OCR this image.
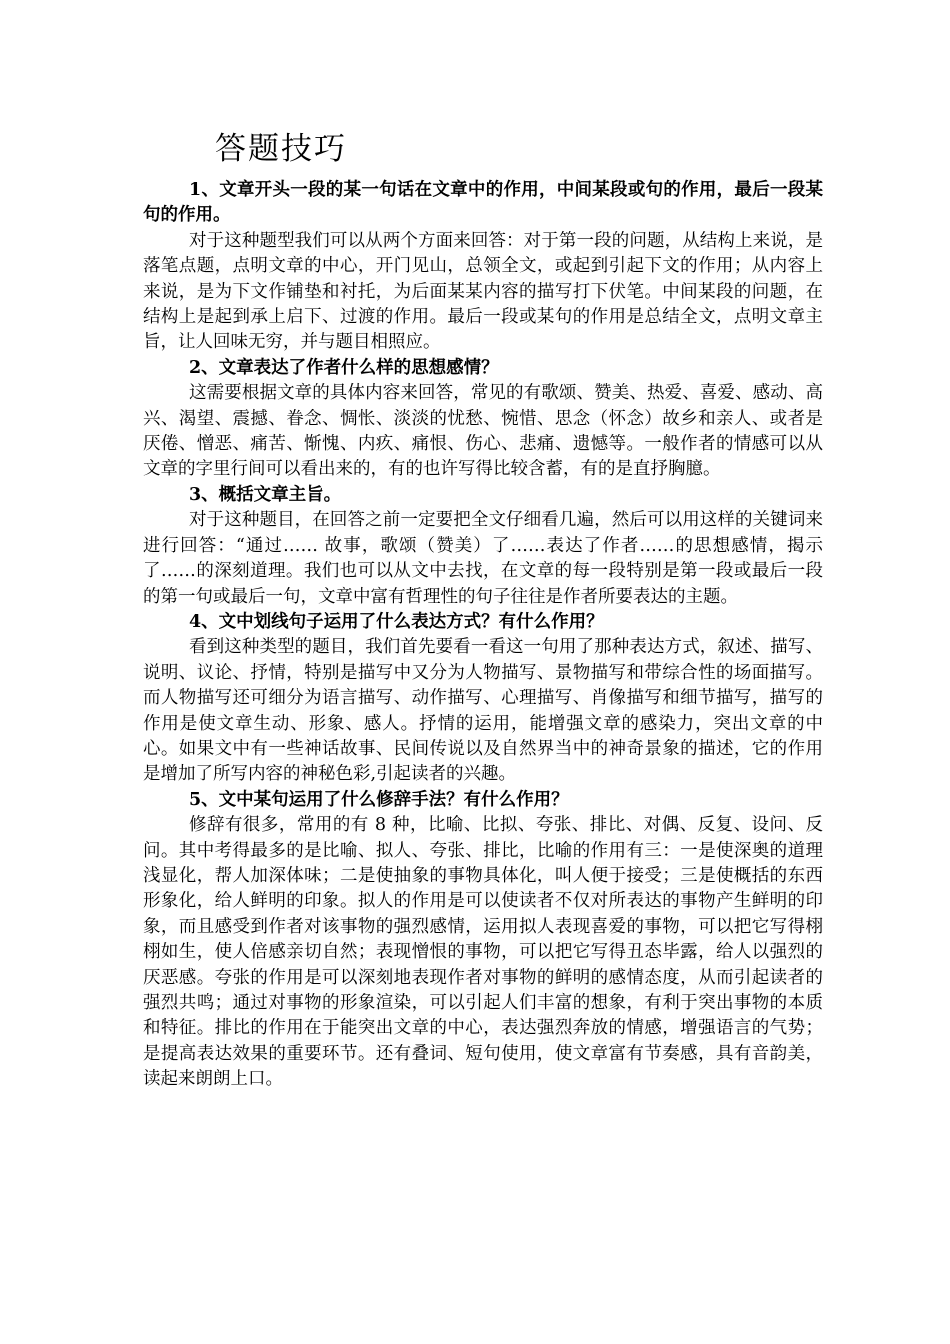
答题技巧

1、文章开头一段的某一句话在文章中的作用，中间某段或句的作用，最后一段某句的作用。

对于这种题型我们可以从两个方面来回答：对于第一段的问题，从结构上来说，是落笔点题，点明文章的中心，开门见山，总领全文，或起到引起下文的作用；从内容上来说，是为下文作铺垫和衬托，为后面某某内容的描写打下伏笔。中间某段的问题，在结构上是起到承上启下、过渡的作用。最后一段或某句的作用是总结全文，点明文章主旨，让人回味无穷，并与题目相照应。

2、文章表达了作者什么样的思想感情？

这需要根据文章的具体内容来回答，常见的有歌颂、赞美、热爱、喜爱、感动、高兴、渴望、震撼、眷念、惆怅、淡淡的忧愁、惋惜、思念（怀念）故乡和亲人、或者是厌倦、憎恶、痛苦、惭愧、内疚、痛恨、伤心、悲痛、遗憾等。一般作者的情感可以从文章的字里行间可以看出来的，有的也许写得比较含蓄，有的是直抒胸臆。

3、概括文章主旨。

对于这种题目，在回答之前一定要把全文仔细看几遍，然后可以用这样的关键词来进行回答：“通过…… 故事，歌颂（赞美）了……表达了作者……的思想感情，揭示了……的深刻道理。我们也可以从文中去找，在文章的每一段特别是第一段或最后一段的第一句或最后一句，文章中富有哲理性的句子往往是作者所要表达的主题。

4、文中划线句子运用了什么表达方式？有什么作用？

看到这种类型的题目，我们首先要看一看这一句用了那种表达方式，叙述、描写、说明、议论、抒情，特别是描写中又分为人物描写、景物描写和带综合性的场面描写。而人物描写还可细分为语言描写、动作描写、心理描写、肖像描写和细节描写，描写的作用是使文章生动、形象、感人。抒情的运用，能增强文章的感染力，突出文章的中心。如果文中有一些神话故事、民间传说以及自然界当中的神奇景象的描述，它的作用是增加了所写内容的神秘色彩,引起读者的兴趣。

5、文中某句运用了什么修辞手法？有什么作用？

修辞有很多，常用的有 8 种，比喻、比拟、夸张、排比、对偶、反复、设问、反问。其中考得最多的是比喻、拟人、夸张、排比，比喻的作用有三：一是使深奥的道理浅显化，帮人加深体味；二是使抽象的事物具体化，叫人便于接受；三是使概括的东西形象化，给人鲜明的印象。拟人的作用是可以使读者不仅对所表达的事物产生鲜明的印象，而且感受到作者对该事物的强烈感情，运用拟人表现喜爱的事物，可以把它写得栩栩如生，使人倍感亲切自然；表现憎恨的事物，可以把它写得丑态毕露，给人以强烈的厌恶感。夸张的作用是可以深刻地表现作者对事物的鲜明的感情态度，从而引起读者的强烈共鸣；通过对事物的形象渲染，可以引起人们丰富的想象，有利于突出事物的本质和特征。排比的作用在于能突出文章的中心，表达强烈奔放的情感，增强语言的气势；是提高表达效果的重要环节。还有叠词、短句使用，使文章富有节奏感，具有音韵美，读起来朗朗上口。
